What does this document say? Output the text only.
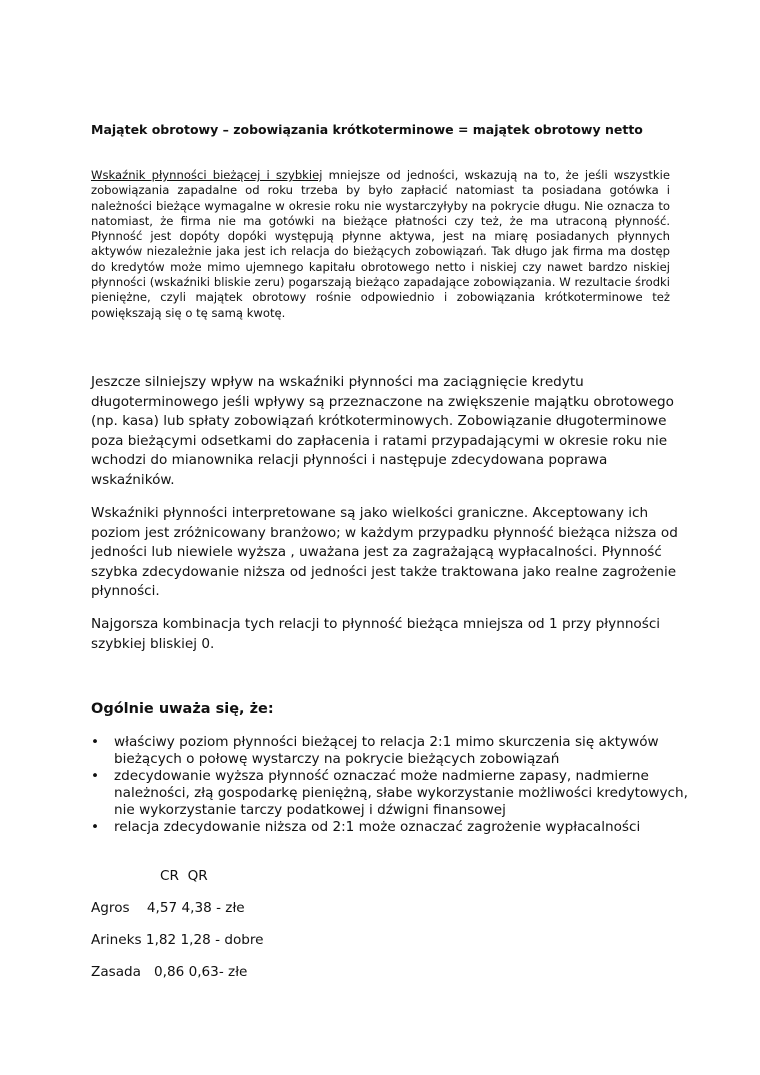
Majątek obrotowy – zobowiązania krótkoterminowe = majątek obrotowy netto
Wskaźnik płynności bieżącej i szybkiej mniejsze od jedności, wskazują na to, że jeśli wszystkie zobowiązania zapadalne od roku trzeba by było zapłacić natomiast ta posiadana gotówka i należności bieżące wymagalne w okresie roku nie wystarczyłyby na pokrycie długu. Nie oznacza to natomiast, że firma nie ma gotówki na bieżące płatności czy też, że ma utraconą płynność. Płynność jest dopóty dopóki występują płynne aktywa, jest na miarę posiadanych płynnych aktywów niezależnie jaka jest ich relacja do bieżących zobowiązań. Tak długo jak firma ma dostęp do kredytów może mimo ujemnego kapitału obrotowego netto i niskiej czy nawet bardzo niskiej płynności (wskaźniki bliskie zeru) pogarszają bieżąco zapadające zobowiązania. W rezultacie środki pieniężne, czyli majątek obrotowy rośnie odpowiednio i zobowiązania krótkoterminowe też powiększają się o tę samą kwotę.
Jeszcze silniejszy wpływ na wskaźniki płynności ma zaciągnięcie kredytu długoterminowego jeśli wpływy są przeznaczone na zwiększenie majątku obrotowego (np. kasa) lub spłaty zobowiązań krótkoterminowych. Zobowiązanie długoterminowe poza bieżącymi odsetkami do zapłacenia i ratami przypadającymi w okresie roku nie wchodzi do mianownika relacji płynności i następuje zdecydowana poprawa wskaźników.
Wskaźniki płynności interpretowane są jako wielkości graniczne. Akceptowany ich poziom jest zróżnicowany branżowo; w każdym przypadku płynność bieżąca niższa od jedności lub niewiele wyższa , uważana jest za zagrażającą wypłacalności. Płynność szybka zdecydowanie niższa od jedności jest także traktowana jako realne zagrożenie płynności.
Najgorsza kombinacja tych relacji to płynność bieżąca mniejsza od 1 przy płynności szybkiej bliskiej 0.
Ogólnie uważa się, że:
• właściwy poziom płynności bieżącej to relacja 2:1 mimo skurczenia się aktywów bieżących o połowę wystarczy na pokrycie bieżących zobowiązań
• zdecydowanie wyższa płynność oznaczać może nadmierne zapasy, nadmierne należności, złą gospodarkę pieniężną, słabe wykorzystanie możliwości kredytowych, nie wykorzystanie tarczy podatkowej i dźwigni finansowej
• relacja zdecydowanie niższa od 2:1 może oznaczać zagrożenie wypłacalności
CR  QR
Agros    4,57 4,38 - złe
Arineks 1,82 1,28 - dobre
Zasada   0,86 0,63- złe
